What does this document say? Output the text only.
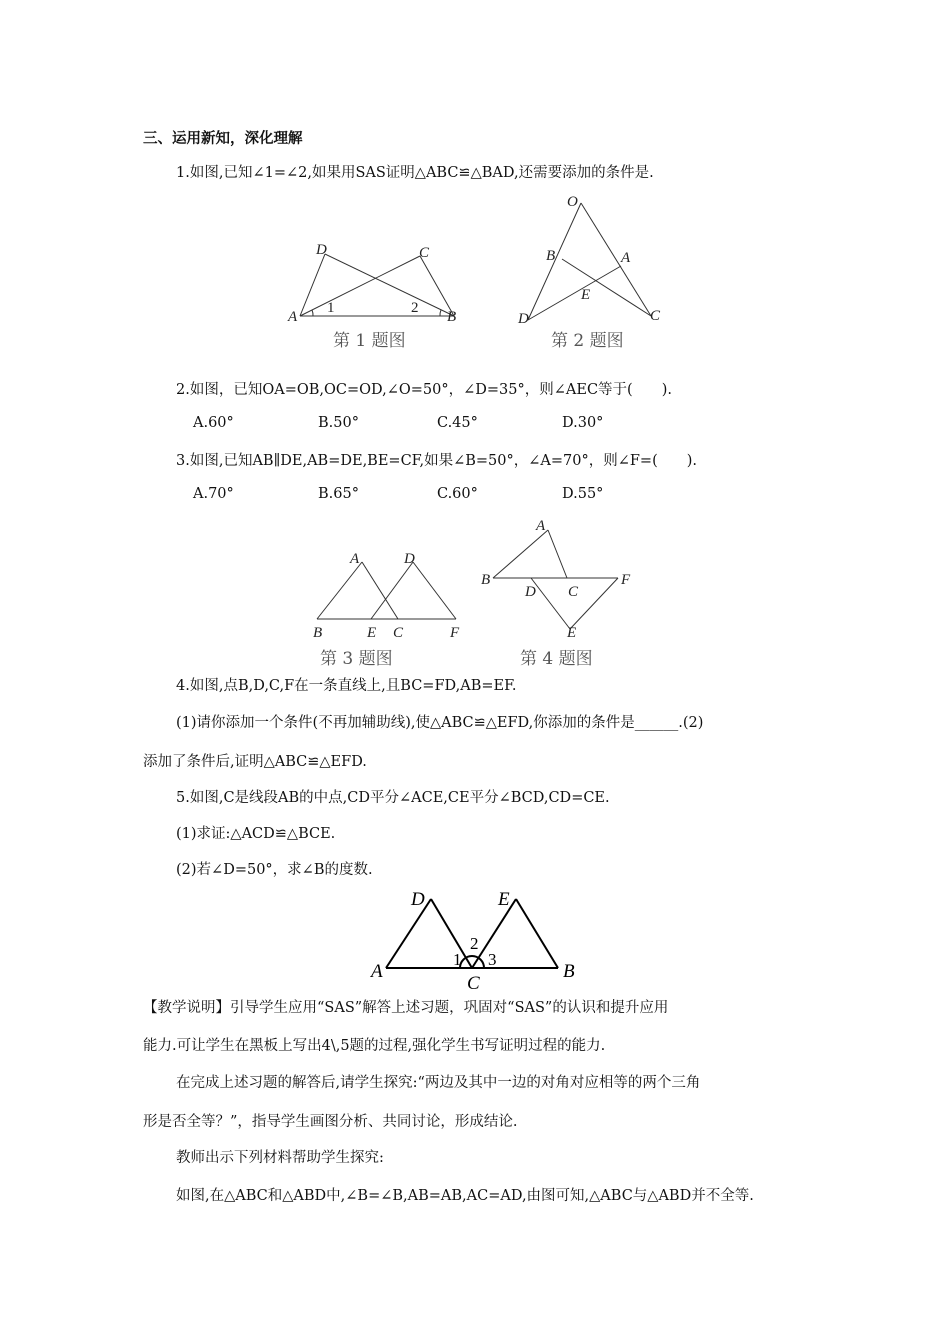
三、运用新知，深化理解
1.如图,已知∠1=∠2,如果用SAS证明△ABC≌△BAD,还需要添加的条件是.
D	C
A	B
1	2
第 1 题图
O
B	A
E
D	C
第 2 题图
2.如图，已知OA=OB,OC=OD,∠O=50°，∠D=35°，则∠AEC等于(　　).
A.60°	B.50°	C.45°	D.30°
3.如图,已知AB∥DE,AB=DE,BE=CF,如果∠B=50°，∠A=70°，则∠F=(　　).
A.70°	B.65°	C.60°	D.55°
A	D
B	E C	F
第 3 题图
A
B
D C
F
E
第 4 题图
4.如图,点B,D,C,F在一条直线上,且BC=FD,AB=EF.
(1)请你添加一个条件(不再加辅助线),使△ABC≌△EFD,你添加的条件是______.(2)
添加了条件后,证明△ABC≌△EFD.
5.如图,C是线段AB的中点,CD平分∠ACE,CE平分∠BCD,CD=CE.
(1)求证:△ACD≌△BCE.
(2)若∠D=50°，求∠B的度数.
D	E
A
C
B
1
2
3
【教学说明】引导学生应用“SAS”解答上述习题，巩固对“SAS”的认识和提升应用
能力.可让学生在黑板上写出4\,5题的过程,强化学生书写证明过程的能力.
在完成上述习题的解答后,请学生探究:“两边及其中一边的对角对应相等的两个三角
形是否全等？”，指导学生画图分析、共同讨论，形成结论.
教师出示下列材料帮助学生探究:
如图,在△ABC和△ABD中,∠B=∠B,AB=AB,AC=AD,由图可知,△ABC与△ABD并不全等.
